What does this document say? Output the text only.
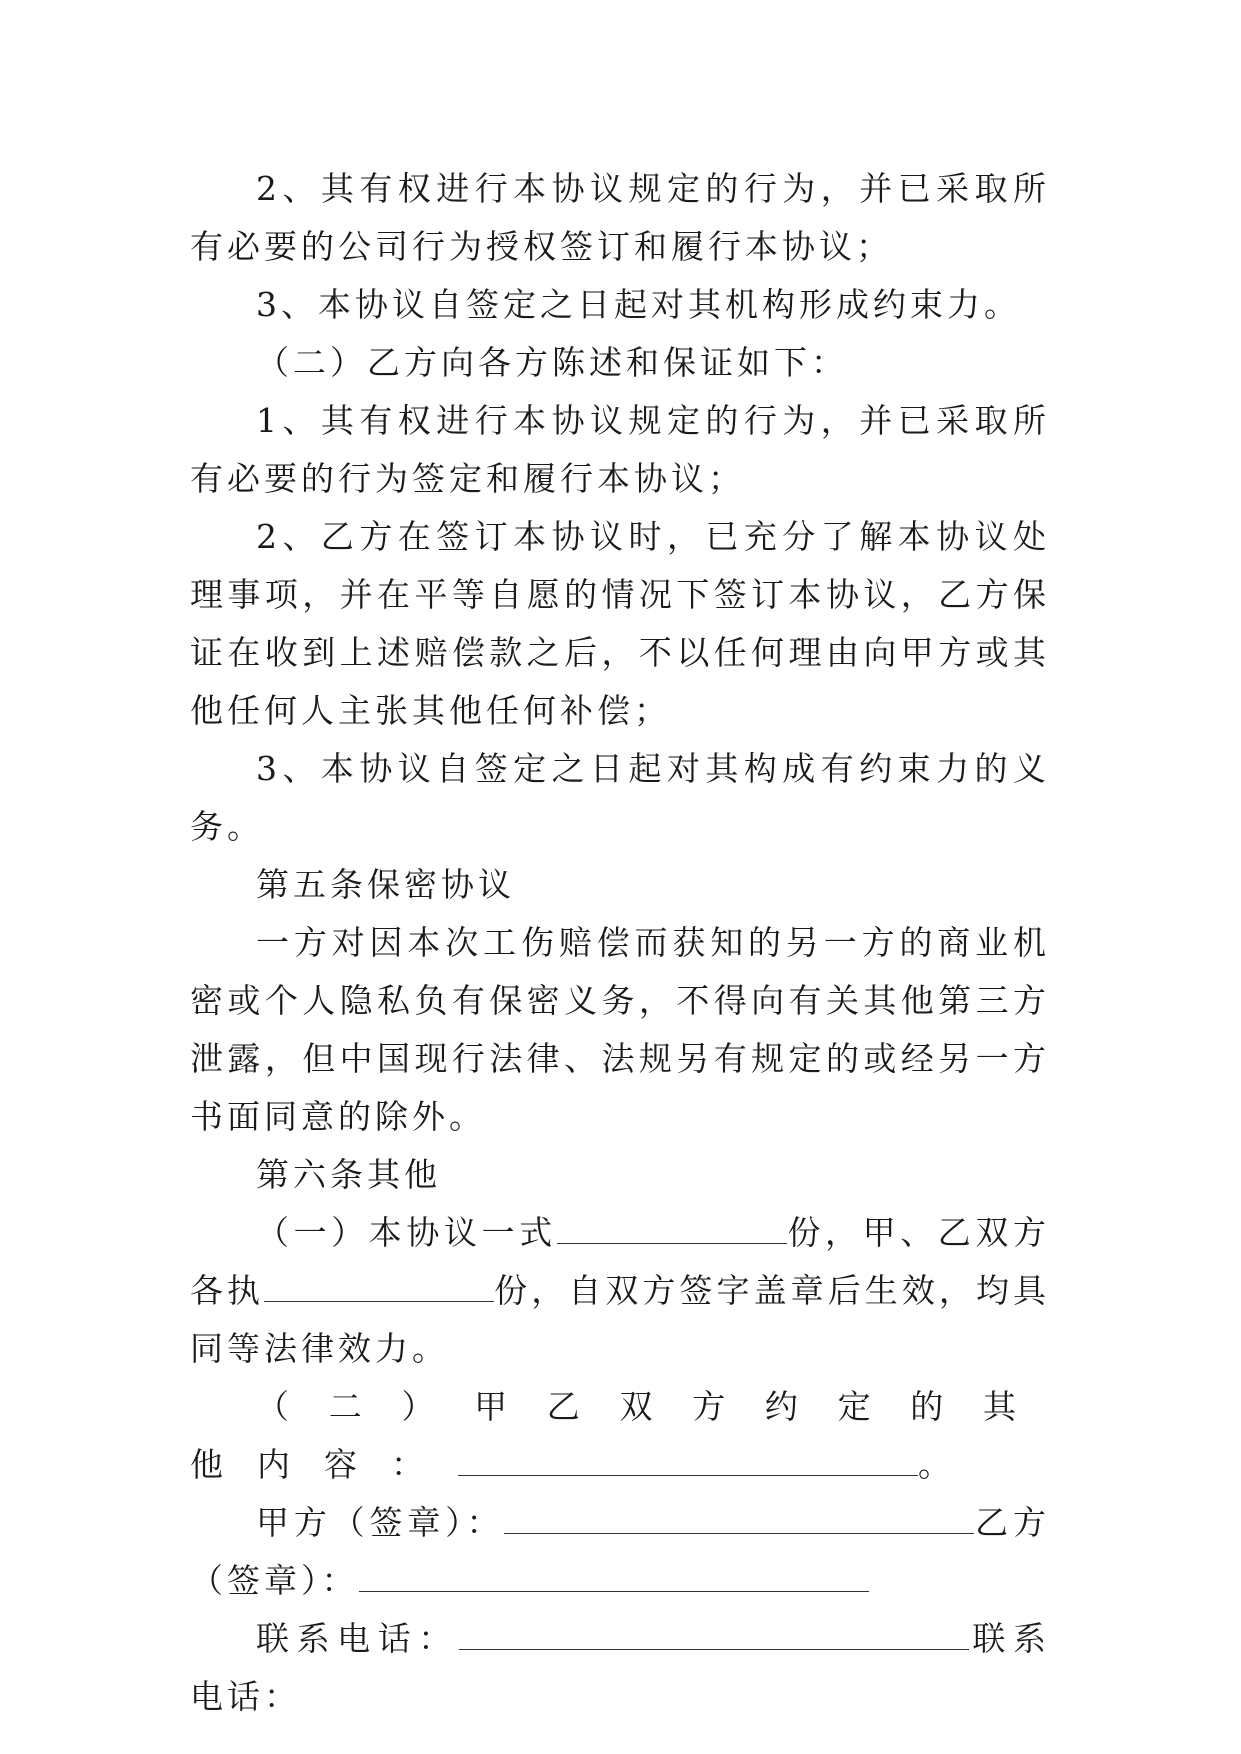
2、其有权进行本协议规定的行为，并已采取所有必要的公司行为授权签订和履行本协议；

3、本协议自签定之日起对其机构形成约束力。

（二）乙方向各方陈述和保证如下：

1、其有权进行本协议规定的行为，并已采取所有必要的行为签定和履行本协议；

2、乙方在签订本协议时，已充分了解本协议处理事项，并在平等自愿的情况下签订本协议，乙方保证在收到上述赔偿款之后，不以任何理由向甲方或其他任何人主张其他任何补偿；

3、本协议自签定之日起对其构成有约束力的义务。

第五条保密协议

一方对因本次工伤赔偿而获知的另一方的商业机密或个人隐私负有保密义务，不得向有关其他第三方泄露，但中国现行法律、法规另有规定的或经另一方书面同意的除外。

第六条其他

（一）本协议一式	份，甲、乙双方各执	份，自双方签字盖章后生效，均具同等法律效力。

（二）甲乙双方约定的其他内容：	。

甲方（签章）：	乙方（签章）：

联系电话：	联系电话：
